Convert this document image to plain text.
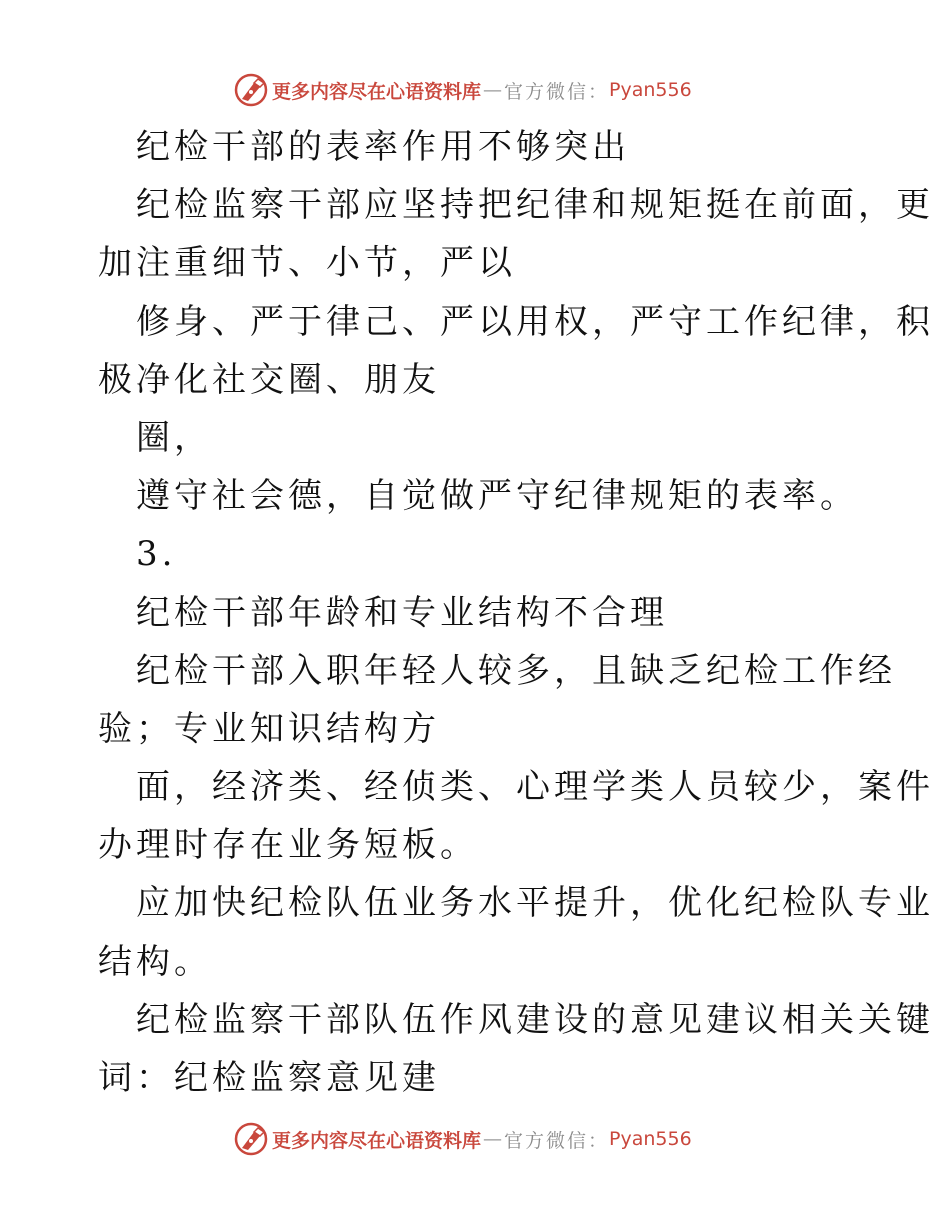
更多内容尽在心语资料库 — 官方微信： Pyan556
纪检干部的表率作用不够突出
纪检监察干部应坚持把纪律和规矩挺在前面，更
加注重细节、小节，严以
修身、严于律己、严以用权，严守工作纪律，积
极净化社交圈、朋友
圈，
遵守社会德，自觉做严守纪律规矩的表率。
3.
纪检干部年龄和专业结构不合理
纪检干部入职年轻人较多，且缺乏纪检工作经
验；专业知识结构方
面，经济类、经侦类、心理学类人员较少，案件
办理时存在业务短板。
应加快纪检队伍业务水平提升，优化纪检队专业
结构。
纪检监察干部队伍作风建设的意见建议相关关键
词：纪检监察意见建
更多内容尽在心语资料库 — 官方微信： Pyan556
